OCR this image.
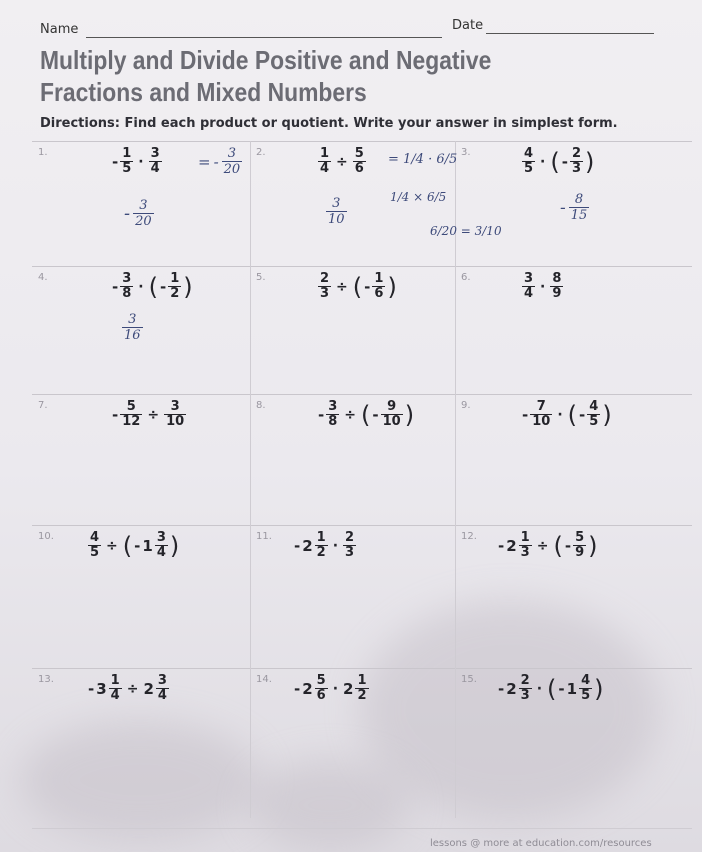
Name	Date
Multiply and Divide Positive and Negative Fractions and Mixed Numbers
Directions: Find each product or quotient. Write your answer in simplest form.
1.	- $\frac{1}{5} \cdot \frac{3}{4}$	2.	$\frac{1}{4} \div \frac{5}{6}$	3.	$\frac{4}{5}$ · ( - $\frac{2}{3}$ )
4.	- $\frac{3}{8}$ · ( - $\frac{1}{2}$ )	5.	$\frac{2}{3}$ ÷ ( - $\frac{1}{6}$ )	6.	$\frac{3}{4} \cdot \frac{8}{9}$
7.	- $\frac{5}{12} \div \frac{3}{10}$	8.	- $\frac{3}{8}$ ÷ ( - $\frac{9}{10}$ )	9.	- $\frac{7}{10}$ · ( - $\frac{4}{5}$ )
10.	$\frac{4}{5}$ ÷ ( - $1 \frac{3}{4}$ )	11. - $2 \frac{1}{2} \cdot \frac{2}{3}$	12. - $2 \frac{1}{3}$ ÷ ( - $\frac{5}{9}$ )
13. - $3 \frac{1}{4} \div 2 \frac{3}{4}$	14. - $2 \frac{5}{6} \cdot 2 \frac{1}{2}$	15. - $2 \frac{2}{3}$ · ( - $1 \frac{4}{5}$ )
= - $\frac{3}{20}$
- $\frac{3}{20}$
= 1/4 · 6/5
$\frac{3}{10}$	1/4 × 6/5
6/20 = 3/10
- $\frac{8}{15}$
$\frac{3}{16}$
lessons @ more at education.com/resources
